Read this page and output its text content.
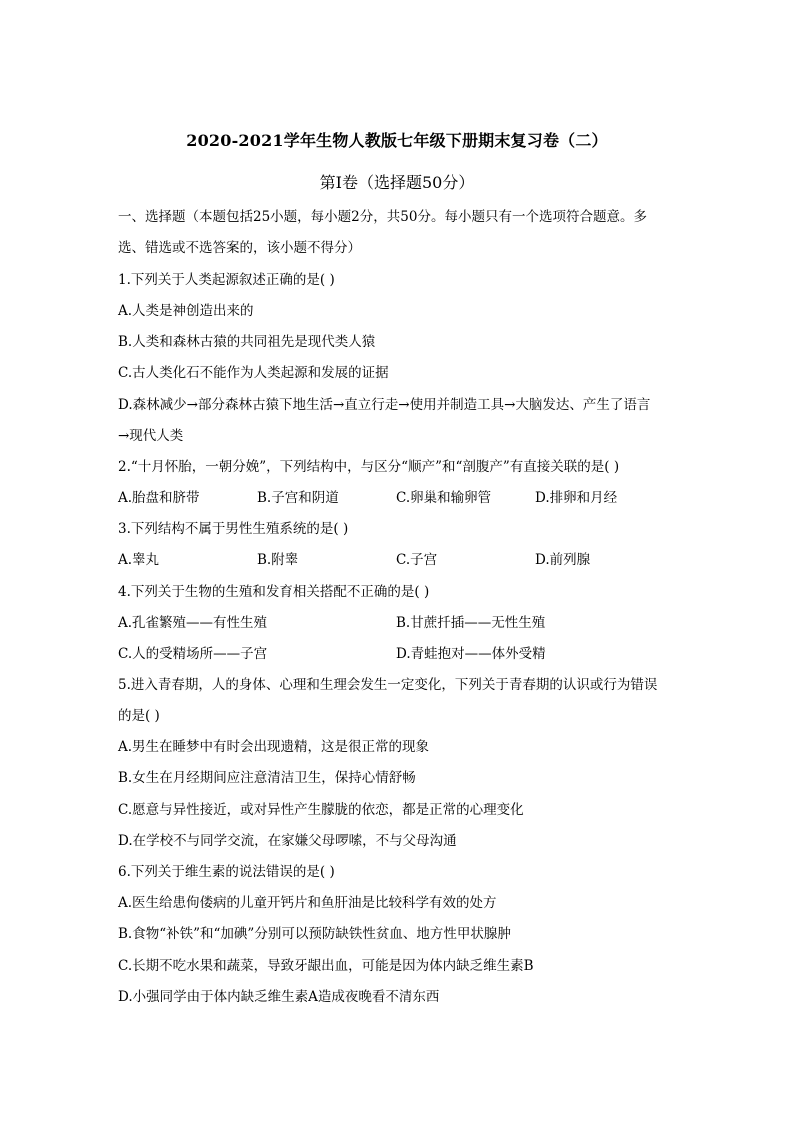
2020-2021学年生物人教版七年级下册期末复习卷（二）
第Ⅰ卷（选择题50分）
一、选择题（本题包括25小题，每小题2分，共50分。每小题只有一个选项符合题意。多
选、错选或不选答案的，该小题不得分）
1.下列关于人类起源叙述正确的是( )
A.人类是神创造出来的
B.人类和森林古猿的共同祖先是现代类人猿
C.古人类化石不能作为人类起源和发展的证据
D.森林减少→部分森林古猿下地生活→直立行走→使用并制造工具→大脑发达、产生了语言
→现代人类
2.“十月怀胎，一朝分娩”，下列结构中，与区分“顺产”和“剖腹产”有直接关联的是( )
A.胎盘和脐带	B.子宫和阴道	C.卵巢和输卵管	D.排卵和月经
3.下列结构不属于男性生殖系统的是( )
A.睾丸	B.附睾	C.子宫	D.前列腺
4.下列关于生物的生殖和发育相关搭配不正确的是( )
A.孔雀繁殖——有性生殖	B.甘蔗扦插——无性生殖
C.人的受精场所——子宫	D.青蛙抱对——体外受精
5.进入青春期，人的身体、心理和生理会发生一定变化，下列关于青春期的认识或行为错误
的是( )
A.男生在睡梦中有时会出现遗精，这是很正常的现象
B.女生在月经期间应注意清洁卫生，保持心情舒畅
C.愿意与异性接近，或对异性产生朦胧的依恋，都是正常的心理变化
D.在学校不与同学交流，在家嫌父母啰嗦，不与父母沟通
6.下列关于维生素的说法错误的是( )
A.医生给患佝偻病的儿童开钙片和鱼肝油是比较科学有效的处方
B.食物“补铁”和“加碘”分别可以预防缺铁性贫血、地方性甲状腺肿
C.长期不吃水果和蔬菜，导致牙龈出血，可能是因为体内缺乏维生素B
D.小强同学由于体内缺乏维生素A造成夜晚看不清东西
